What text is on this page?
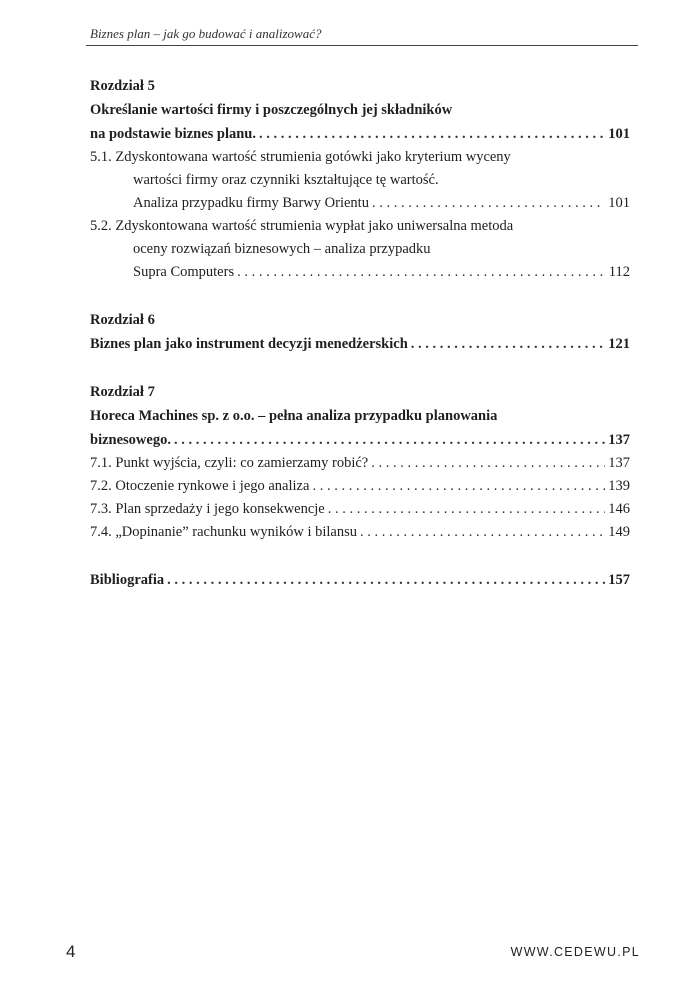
Biznes plan – jak go budować i analizować?
Rozdział 5
Określanie wartości firmy i poszczególnych jej składników
na podstawie biznes planu. . . .	101
5.1. Zdyskontowana wartość strumienia gotówki jako kryterium wyceny
wartości firmy oraz czynniki kształtujące tę wartość.
Analiza przypadku firmy Barwy Orientu . . .	101
5.2. Zdyskontowana wartość strumienia wypłat jako uniwersalna metoda
oceny rozwiązań biznesowych – analiza przypadku
Supra Computers . . .	112
Rozdział 6
Biznes plan jako instrument decyzji menedżerskich . . .	121
Rozdział 7
Horeca Machines sp. z o.o. – pełna analiza przypadku planowania
biznesowego. . . .	137
7.1. Punkt wyjścia, czyli: co zamierzamy robić? . . .	137
7.2. Otoczenie rynkowe i jego analiza . . .	139
7.3. Plan sprzedaży i jego konsekwencje . . .	146
7.4. „Dopinanie” rachunku wyników i bilansu . . .	149
Bibliografia . . .	157
4	WWW.CEDEWU.PL
